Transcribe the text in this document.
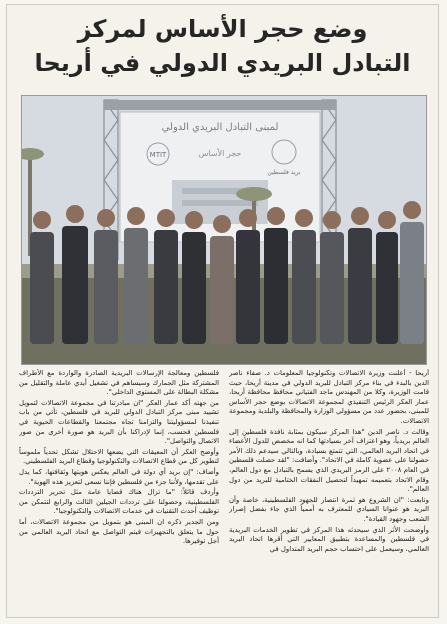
وضع حجر الأساس لمركز
التبادل البريدي الدولي في أريحا
لمبنى التبادل البريدي الدولي
حجر الأساس
MTIT
بريد فلسطين

أريحا - أعلنت وزيرة الاتصالات وتكنولوجيا المعلومات د. صفاء ناصر الدين بالبدء في بناء مركز التبادل للبريد الدولي في مدينة أريحا، حيث قامت الوزيرة، وكلا من المهندس ماجد الفتياني محافظ محافظة أريحا، عمار العكر الرئيس التنفيذي لمجموعة الاتصالات بوضع حجر الأساس للمبنى، بحضور عدد من مسؤولي الوزارة والمحافظة والبلدية ومجموعة الاتصالات.

وقالت د. ناصر الدين "هذا المركز سيكون بمثابة نافذة فلسطين إلى العالم بريدياً، وهو اعتراف آخر بسيادتها كما انه مخصص للدول الأعضاء في اتحاد البريد العالمي، التي تتمتع بسيادة، وبالتالي سيدعم ذلك الأمر حصولنا على عضوية كاملة في الاتحاد". وأضافت: "لقد حصلت فلسطين في العام ٢٠٠٨ على الرمز البريدي الذي يسمح بالتبادل مع دول العالم، وقام الاتحاد بتعميمه تمهيداً لتحصيل النفقات الختامية للبريد من دول العالم".

وتابعت: "ان الشروع هو ثمرة انتصار للجهود الفلسطينية، خاصة وأن البريد هو عنوانا السيادي للمعترف به أممياً الذي جاء بفضل إصرار الشعب وجهود القيادة".

وأوضحت الأثر الذي سيحدثه هذا المركز في تطوير الخدمات البريدية في فلسطين والمساعدة بتطبيق المعايير التي أقرها اتحاد البريد العالمي، وسيعمل على احتساب حجم البريد المتداول في

فلسطين ومعالجة الإرسالات البريدية الصادرة والواردة مع الأطراف المشتركة مثل الجمارك وسيساهم في تشغيل أيدي عاملة والتقليل من مشكلة البطالة على المستوى الداخلي".

من جهته أكد عمار العكر "ان مبادرتنا في مجموعة الاتصالات لتمويل تشييد مبنى مركز التبادل الدولي للبريد في فلسطين، تأتي من باب تنفيذنا لمسؤوليتنا والتزامنا تجاه مجتمعنا والقطاعات الحيوية في فلسطين فحسب، إنما لإدراكنا بأن البريد هو صورة أخرى من صور الاتصال والتواصل".

وأوضح العكر أن المعيقات التي يضعها الاحتلال تشكل تحدياً ملموساً لتطوير كل من قطاع الاتصالات والتكنولوجيا وقطاع البريد الفلسطيني.

وأضاف: "إن بريد أي دولة في العالم يعكس هويتها وثقافتها، كما يدل على تقدمها، ولأننا جزء من فلسطين فإننا نسعى لتعزيز هذه الهوية".

وأردف قائلاً: "ما تزال هناك قضايا عامة مثل تحرير الترددات الفلسطينية، وحصولنا على ترددات الجيلين الثالث والرابع لتتمكن من توظيف أحدث التقنيات في خدمات الاتصالات والتكنولوجيا".

ومن الجدير ذكره ان المبنى هو بتمويل من مجموعة الاتصالات، أما حول ما يتعلق بالتجهيزات فيتم التواصل مع اتحاد البريد العالمي من أجل توفيرها.
